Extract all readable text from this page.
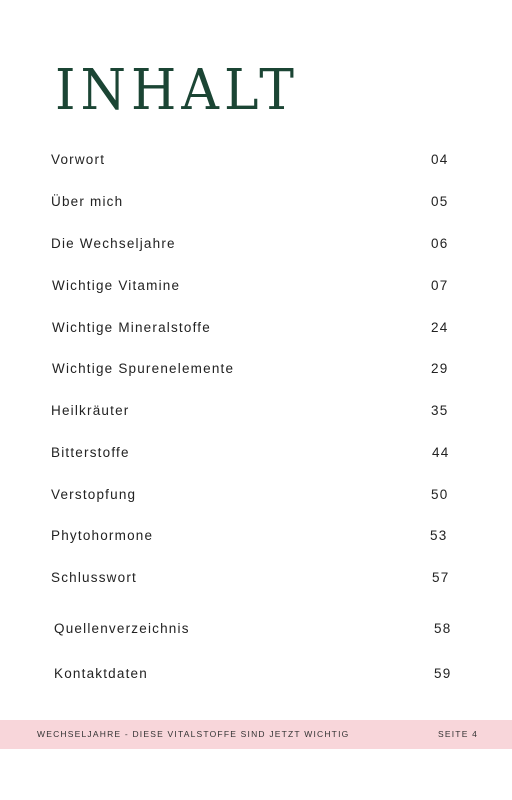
INHALT
Vorwort	04
Über mich	05
Die Wechseljahre	06
Wichtige Vitamine	07
Wichtige Mineralstoffe	24
Wichtige Spurenelemente	29
Heilkräuter	35
Bitterstoffe	44
Verstopfung	50
Phytohormone	53
Schlusswort	57
Quellenverzeichnis	58
Kontaktdaten	59
WECHSELJAHRE - DIESE VITALSTOFFE SIND JETZT WICHTIG	SEITE 4
